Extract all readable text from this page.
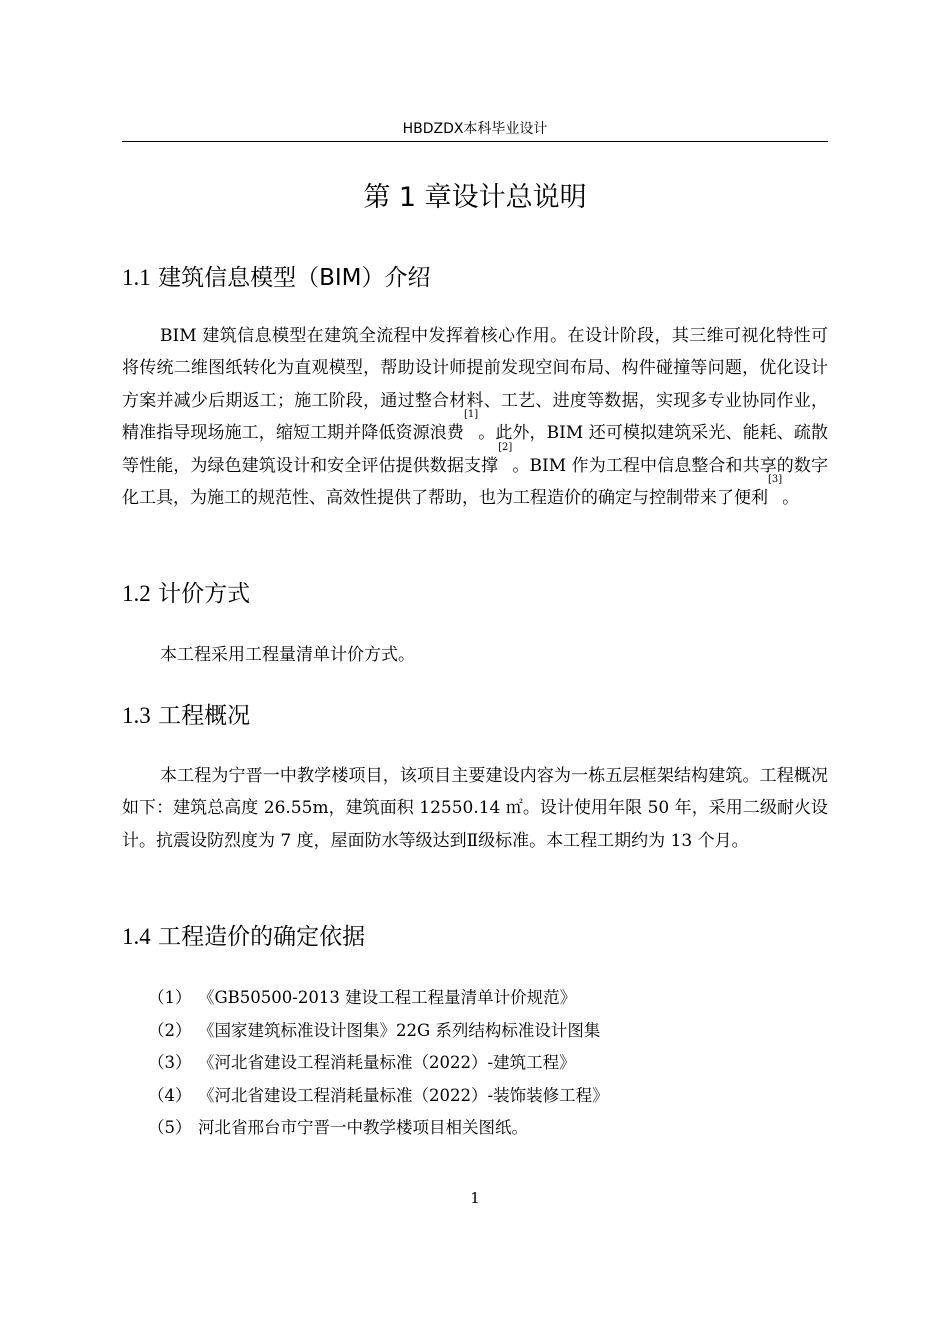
HBDZDX本科毕业设计
第 1 章设计总说明
1.1 建筑信息模型（BIM）介绍

BIM 建筑信息模型在建筑全流程中发挥着核心作用。在设计阶段，其三维可视化特性可将传统二维图纸转化为直观模型，帮助设计师提前发现空间布局、构件碰撞等问题，优化设计方案并减少后期返工；施工阶段，通过整合材料、工艺、进度等数据，实现多专业协同作业，精准指导现场施工，缩短工期并降低资源浪费[1]。此外，BIM 还可模拟建筑采光、能耗、疏散等性能，为绿色建筑设计和安全评估提供数据支撑[2]。BIM 作为工程中信息整合和共享的数字化工具，为施工的规范性、高效性提供了帮助，也为工程造价的确定与控制带来了便利[3]。

1.2 计价方式

本工程采用工程量清单计价方式。

1.3 工程概况

本工程为宁晋一中教学楼项目，该项目主要建设内容为一栋五层框架结构建筑。工程概况如下：建筑总高度 26.55m，建筑面积 12550.14 ㎡。设计使用年限 50 年，采用二级耐火设计。抗震设防烈度为 7 度，屋面防水等级达到Ⅱ级标准。本工程工期约为 13 个月。

1.4 工程造价的确定依据
（1） 《GB50500-2013 建设工程工程量清单计价规范》
（2） 《国家建筑标准设计图集》22G 系列结构标准设计图集
（3） 《河北省建设工程消耗量标准（2022）-建筑工程》
（4） 《河北省建设工程消耗量标准（2022）-装饰装修工程》
（5） 河北省邢台市宁晋一中教学楼项目相关图纸。
1
